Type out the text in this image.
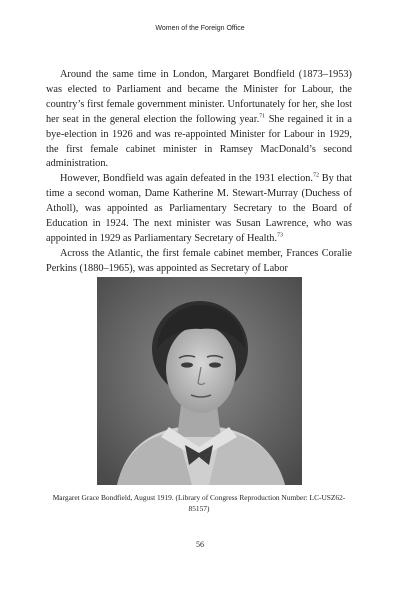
Women of the Foreign Office

Around the same time in London, Margaret Bondfield (1873–1953) was elected to Parliament and became the Minister for Labour, the country’s first female government minister. Unfortunately for her, she lost her seat in the general election the following year.$^{71}$ She regained it in a bye-election in 1926 and was re-appointed Minister for Labour in 1929, the first female cabinet minister in Ramsey MacDonald’s second administration.

However, Bondfield was again defeated in the 1931 election.$^{72}$ By that time a second woman, Dame Katherine M. Stewart-Murray (Duchess of Atholl), was appointed as Parliamentary Secretary to the Board of Education in 1924. The next minister was Susan Lawrence, who was appointed in 1929 as Parliamentary Secretary of Health.$^{73}$

Across the Atlantic, the first female cabinet member, Frances Coralie Perkins (1880–1965), was appointed as Secretary of Labor

Margaret Grace Bondfield, August 1919. (Library of Congress Reproduction Number: LC-USZ62-85157)
56
